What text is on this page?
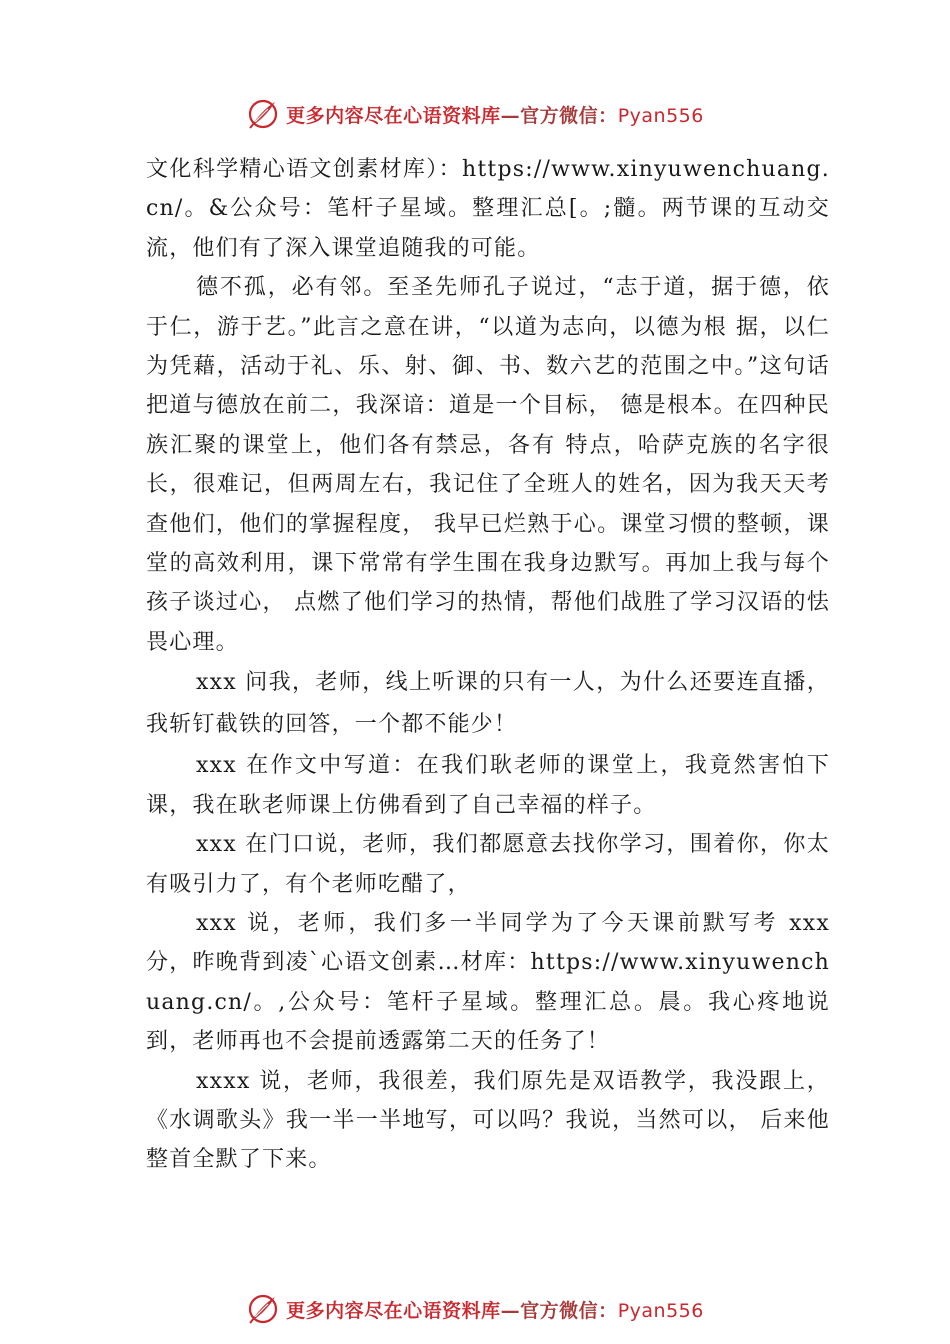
更多内容尽在心语资料库—官方微信：Pyan556

文化科学精心语文创素材库）：https://www.xinyuwenchuang.cn/。&公众号：笔杆子星域。整理汇总[。;髓。两节课的互动交流，他们有了深入课堂追随我的可能。

德不孤，必有邻。至圣先师孔子说过，“志于道，据于德，依于仁，游于艺。”此言之意在讲，“以道为志向，以德为根 据，以仁为凭藉，活动于礼、乐、射、御、书、数六艺的范围之中。”这句话把道与德放在前二，我深谙：道是一个目标， 德是根本。在四种民族汇聚的课堂上，他们各有禁忌，各有 特点，哈萨克族的名字很长，很难记，但两周左右，我记住了全班人的姓名，因为我天天考查他们，他们的掌握程度， 我早已烂熟于心。课堂习惯的整顿，课堂的高效利用，课下常常有学生围在我身边默写。再加上我与每个孩子谈过心， 点燃了他们学习的热情，帮他们战胜了学习汉语的怯畏心理。

xxx 问我，老师，线上听课的只有一人，为什么还要连直播，我斩钉截铁的回答，一个都不能少！

xxx 在作文中写道：在我们耿老师的课堂上，我竟然害怕下课，我在耿老师课上仿佛看到了自己幸福的样子。

xxx 在门口说，老师，我们都愿意去找你学习，围着你，你太有吸引力了，有个老师吃醋了，

xxx 说，老师，我们多一半同学为了今天课前默写考 xxx 分，昨晚背到凌`心语文创素…材库：https://www.xinyuwenchuang.cn/。,公众号：笔杆子星域。整理汇总。晨。我心疼地说到，老师再也不会提前透露第二天的任务了！

xxxx 说，老师，我很差，我们原先是双语教学，我没跟上，《水调歌头》我一半一半地写，可以吗？我说，当然可以， 后来他整首全默了下来。

更多内容尽在心语资料库—官方微信：Pyan556
